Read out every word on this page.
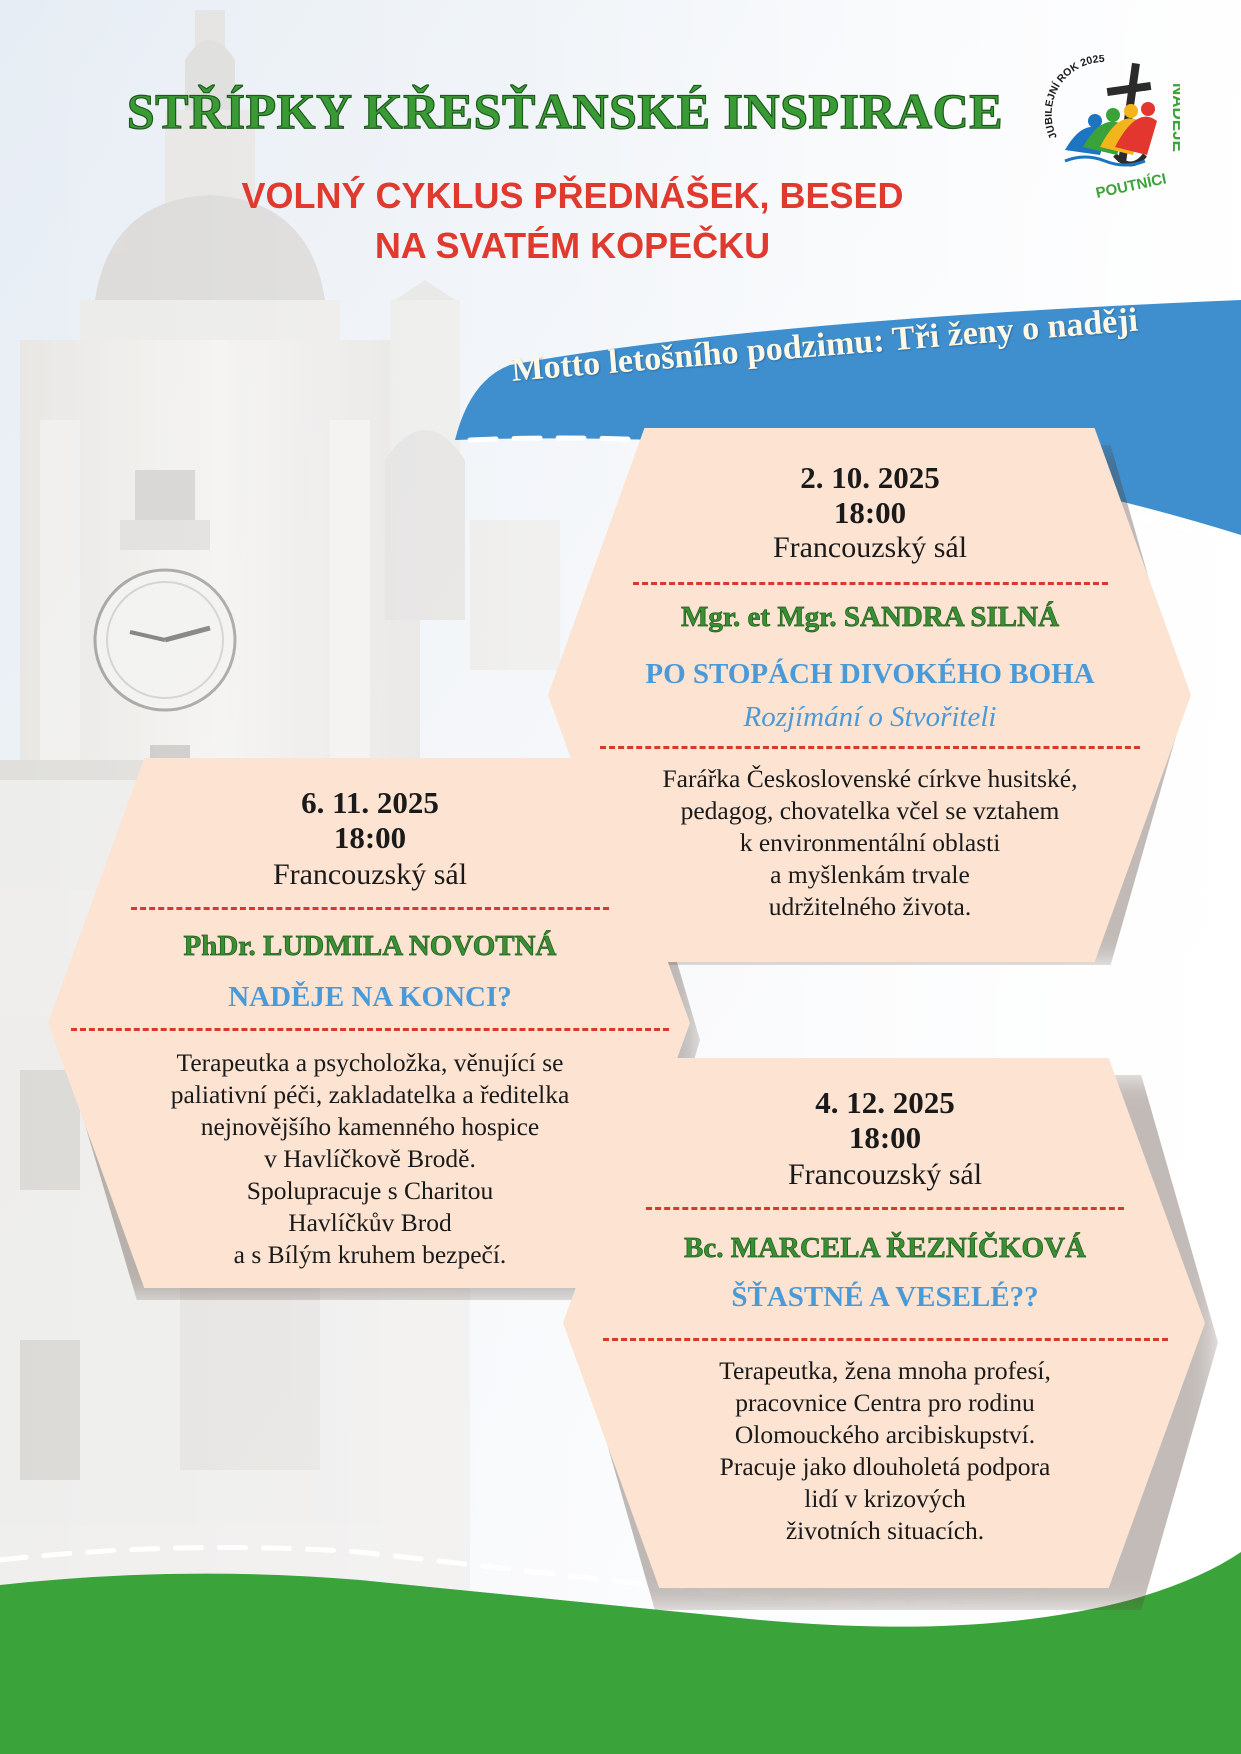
STŘÍPKY KŘESŤANSKÉ INSPIRACE
VOLNÝ CYKLUS PŘEDNÁŠEK, BESED
NA SVATÉM KOPEČKU
JU JNÍ ROK 2025
NADĚJE
POUTNÍCI
Motto letošního podzimu: Tři ženy o naději
2. 10. 2025
18:00
Francouzský sál
Mgr. et Mgr. SANDRA SILNÁ
PO STOPÁCH DIVOKÉHO BOHA
Rozjímání o Stvořiteli
Farářka Československé církve husitské,
pedagog, chovatelka včel se vztahem
k environmentální oblasti
a myšlenkám trvale
udržitelného života.
6. 11. 2025
18:00
Francouzský sál
PhDr. LUDMILA NOVOTNÁ
NADĚJE NA KONCI?
Terapeutka a psycholožka, věnující se
paliativní péči, zakladatelka a ředitelka
nejnovějšího kamenného hospice
v Havlíčkově Brodě.
Spolupracuje s Charitou
Havlíčkův Brod
a s Bílým kruhem bezpečí.
4. 12. 2025
18:00
Francouzský sál
Bc. MARCELA ŘEZNÍČKOVÁ
ŠŤASTNÉ A VESELÉ??
Terapeutka, žena mnoha profesí,
pracovnice Centra pro rodinu
Olomouckého arcibiskupství.
Pracuje jako dlouholetá podpora
lidí v krizových
životních situacích.
